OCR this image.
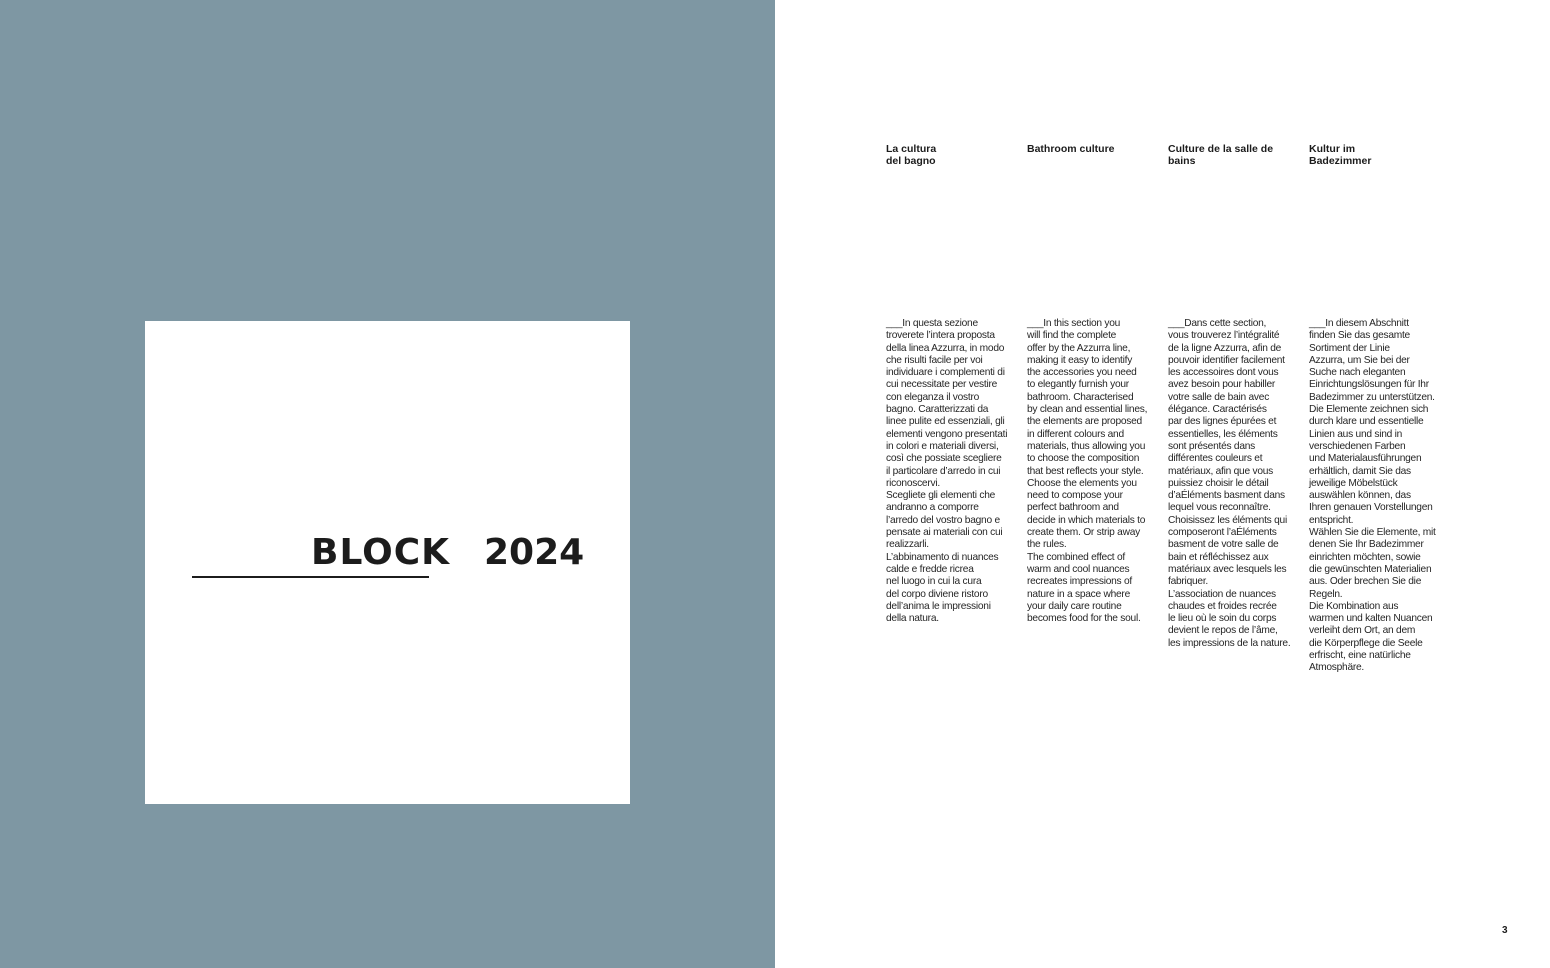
BLOCK 2024
La cultura
del bagno
___In questa sezione
troverete l’intera proposta
della linea Azzurra, in modo
che risulti facile per voi
individuare i complementi di
cui necessitate per vestire
con eleganza il vostro
bagno. Caratterizzati da
linee pulite ed essenziali, gli
elementi vengono presentati
in colori e materiali diversi,
così che possiate scegliere
il particolare d’arredo in cui
riconoscervi.
Scegliete gli elementi che
andranno a comporre
l’arredo del vostro bagno e
pensate ai materiali con cui
realizzarli.
L’abbinamento di nuances
calde e fredde ricrea
nel luogo in cui la cura
del corpo diviene ristoro
dell’anima le impressioni
della natura.
Bathroom culture
___In this section you
will find the complete
offer by the Azzurra line,
making it easy to identify
the accessories you need
to elegantly furnish your
bathroom. Characterised
by clean and essential lines,
the elements are proposed
in different colours and
materials, thus allowing you
to choose the composition
that best reflects your style.
Choose the elements you
need to compose your
perfect bathroom and
decide in which materials to
create them. Or strip away
the rules.
The combined effect of
warm and cool nuances
recreates impressions of
nature in a space where
your daily care routine
becomes food for the soul.
Culture de la salle de
bains
___Dans cette section,
vous trouverez l’intégralité
de la ligne Azzurra, afin de
pouvoir identifier facilement
les accessoires dont vous
avez besoin pour habiller
votre salle de bain avec
élégance. Caractérisés
par des lignes épurées et
essentielles, les éléments
sont présentés dans
différentes couleurs et
matériaux, afin que vous
puissiez choisir le détail
d’aÉléments basment dans
lequel vous reconnaître.
Choisissez les éléments qui
composeront l’aÉléments
basment de votre salle de
bain et réfléchissez aux
matériaux avec lesquels les
fabriquer.
L’association de nuances
chaudes et froides recrée
le lieu où le soin du corps
devient le repos de l’âme,
les impressions de la nature.
Kultur im
Badezimmer
___In diesem Abschnitt
finden Sie das gesamte
Sortiment der Linie
Azzurra, um Sie bei der
Suche nach eleganten
Einrichtungslösungen für Ihr
Badezimmer zu unterstützen.
Die Elemente zeichnen sich
durch klare und essentielle
Linien aus und sind in
verschiedenen Farben
und Materialausführungen
erhältlich, damit Sie das
jeweilige Möbelstück
auswählen können, das
Ihren genauen Vorstellungen
entspricht.
Wählen Sie die Elemente, mit
denen Sie Ihr Badezimmer
einrichten möchten, sowie
die gewünschten Materialien
aus. Oder brechen Sie die
Regeln.
Die Kombination aus
warmen und kalten Nuancen
verleiht dem Ort, an dem
die Körperpflege die Seele
erfrischt, eine natürliche
Atmosphäre.
3
